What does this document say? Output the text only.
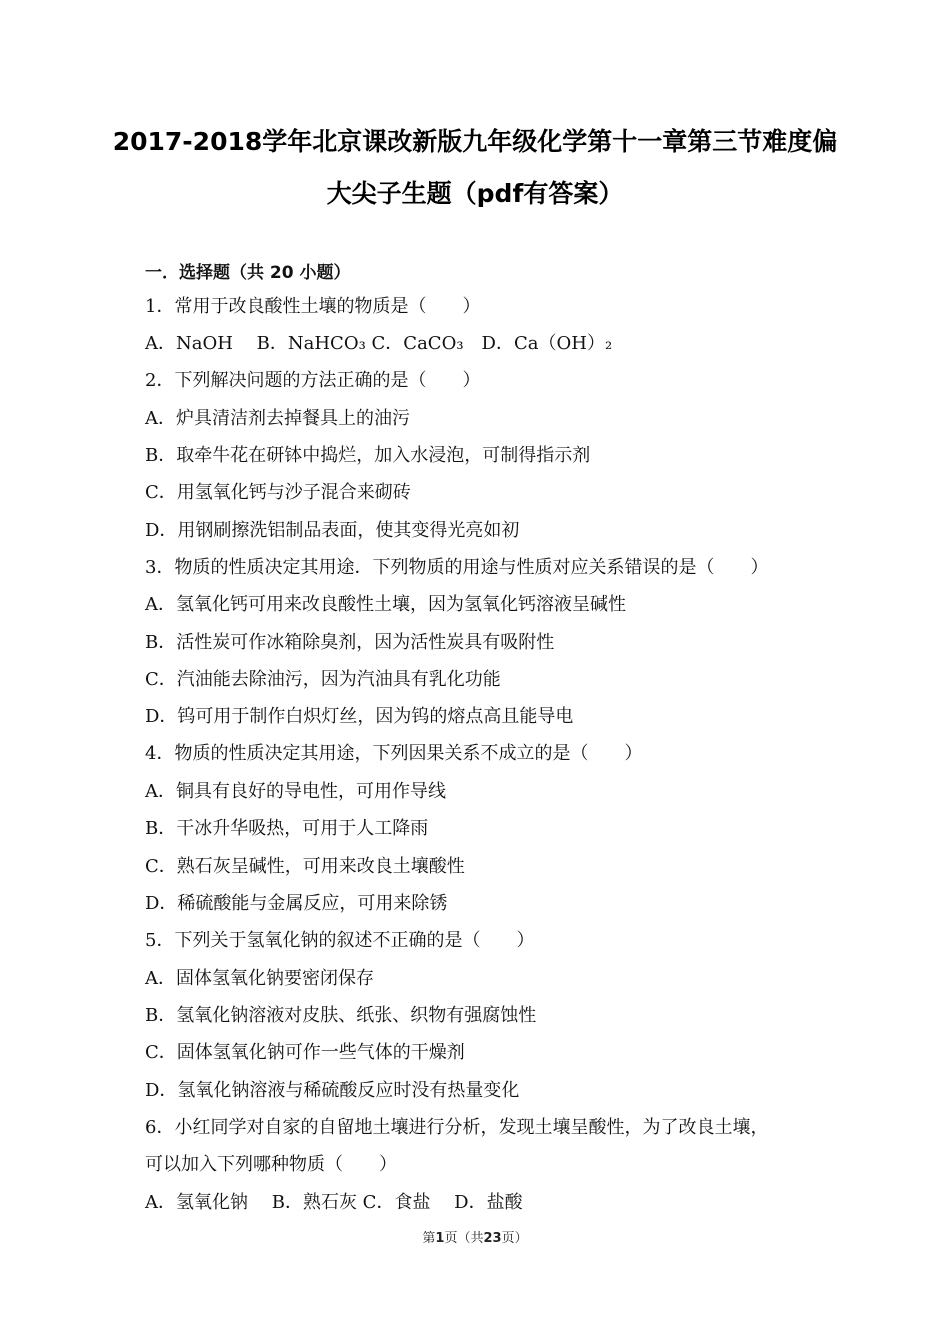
2017-2018学年北京课改新版九年级化学第十一章第三节难度偏
大尖子生题（pdf有答案）
一．选择题（共 20 小题）
1．常用于改良酸性土壤的物质是（　　）
A．NaOH　 B．NaHCO₃ C．CaCO₃　D．Ca（OH）₂
2．下列解决问题的方法正确的是（　　）
A．炉具清洁剂去掉餐具上的油污
B．取牵牛花在研钵中捣烂，加入水浸泡，可制得指示剂
C．用氢氧化钙与沙子混合来砌砖
D．用钢刷擦洗铝制品表面，使其变得光亮如初
3．物质的性质决定其用途．下列物质的用途与性质对应关系错误的是（　　）
A．氢氧化钙可用来改良酸性土壤，因为氢氧化钙溶液呈碱性
B．活性炭可作冰箱除臭剂，因为活性炭具有吸附性
C．汽油能去除油污，因为汽油具有乳化功能
D．钨可用于制作白炽灯丝，因为钨的熔点高且能导电
4．物质的性质决定其用途，下列因果关系不成立的是（　　）
A．铜具有良好的导电性，可用作导线
B．干冰升华吸热，可用于人工降雨
C．熟石灰呈碱性，可用来改良土壤酸性
D．稀硫酸能与金属反应，可用来除锈
5．下列关于氢氧化钠的叙述不正确的是（　　）
A．固体氢氧化钠要密闭保存
B．氢氧化钠溶液对皮肤、纸张、织物有强腐蚀性
C．固体氢氧化钠可作一些气体的干燥剂
D．氢氧化钠溶液与稀硫酸反应时没有热量变化
6．小红同学对自家的自留地土壤进行分析，发现土壤呈酸性，为了改良土壤，
可以加入下列哪种物质（　　）
A．氢氧化钠　 B．熟石灰 C．食盐　 D．盐酸
第1页（共23页）
